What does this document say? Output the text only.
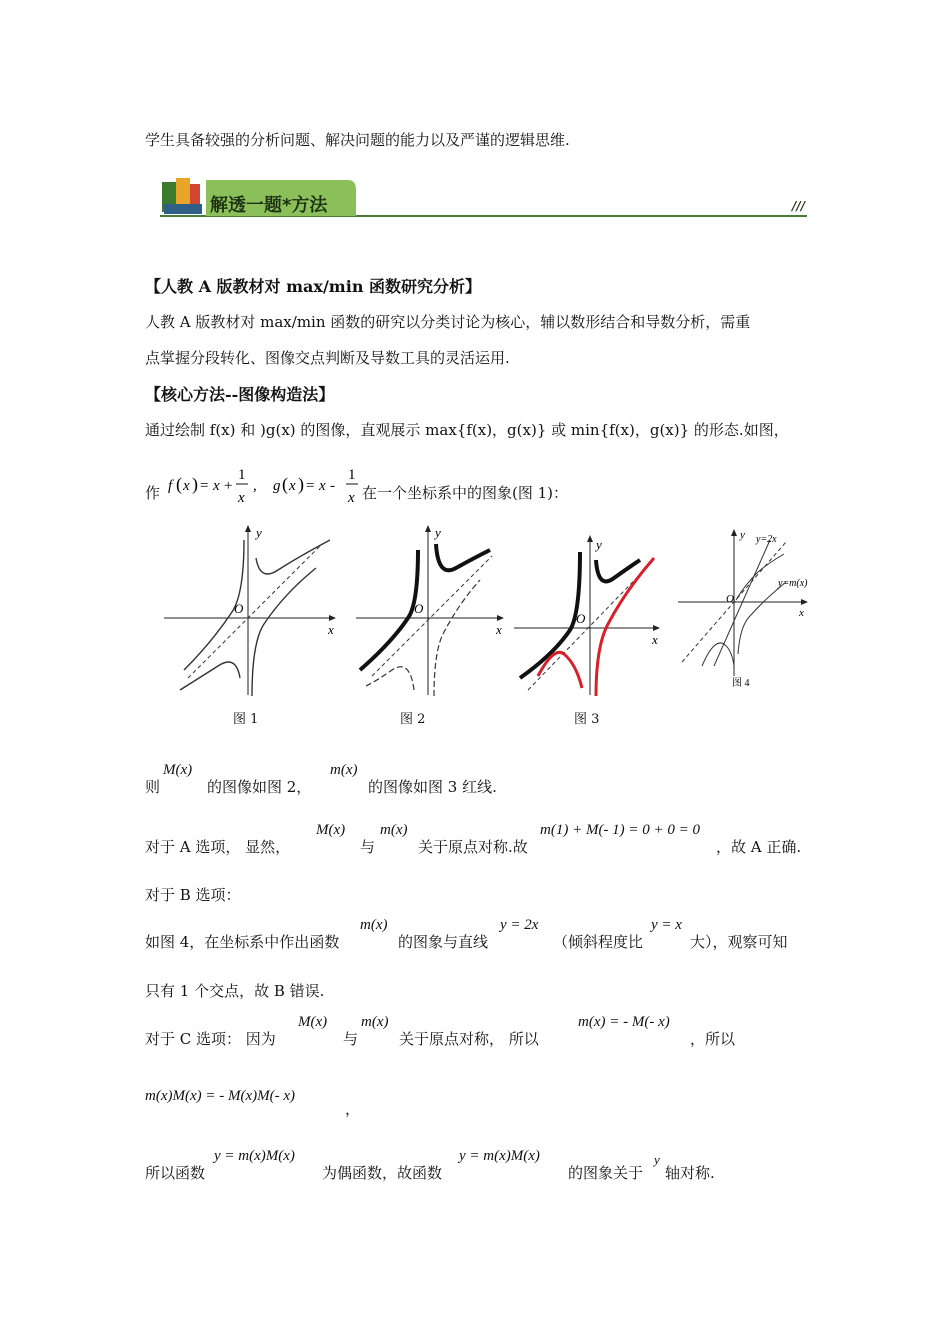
学生具备较强的分析问题、解决问题的能力以及严谨的逻辑思维.
解透一题*方法	///
【人教 A 版教材对 max/min 函数研究分析】
人教 A 版教材对 max/min 函数的研究以分类讨论为核心，辅以数形结合和导数分析，需重
点掌握分段转化、图像交点判断及导数工具的灵活运用.
【核心方法--图像构造法】
通过绘制 f(x) 和 )g(x) 的图像，直观展示 max{f(x)，g(x)} 或 min{f(x)，g(x)} 的形态.如图，
作 f ( x ) = x +
1
x
, g ( x ) = x -
1
x 在一个坐标系中的图象(图 1)：
x
y
O
图 1
x
y
O
图 2
x
y
O
图 3
x
y
O
y=2x
y=m(x)
图 4
则
M(x)
的图像如图 2，
m(x)
的图像如图 3 红线.
对于 A 选项， 显然，
M(x)
与
m(x)
关于原点对称.故
m(1) + M(- 1) = 0 + 0 = 0
，故 A 正确.
对于 B 选项：
如图 4，在坐标系中作出函数
m(x)
的图象与直线
y = 2x
（倾斜程度比
y = x
大），观察可知
只有 1 个交点，故 B 错误.
对于 C 选项： 因为
M(x)
与
m(x)
关于原点对称， 所以
m(x) = - M(- x)
，所以
m(x)M(x) = - M(x)M(- x)
，
所以函数
y = m(x)M(x)
为偶函数，故函数
y = m(x)M(x)
的图象关于
y
轴对称.
